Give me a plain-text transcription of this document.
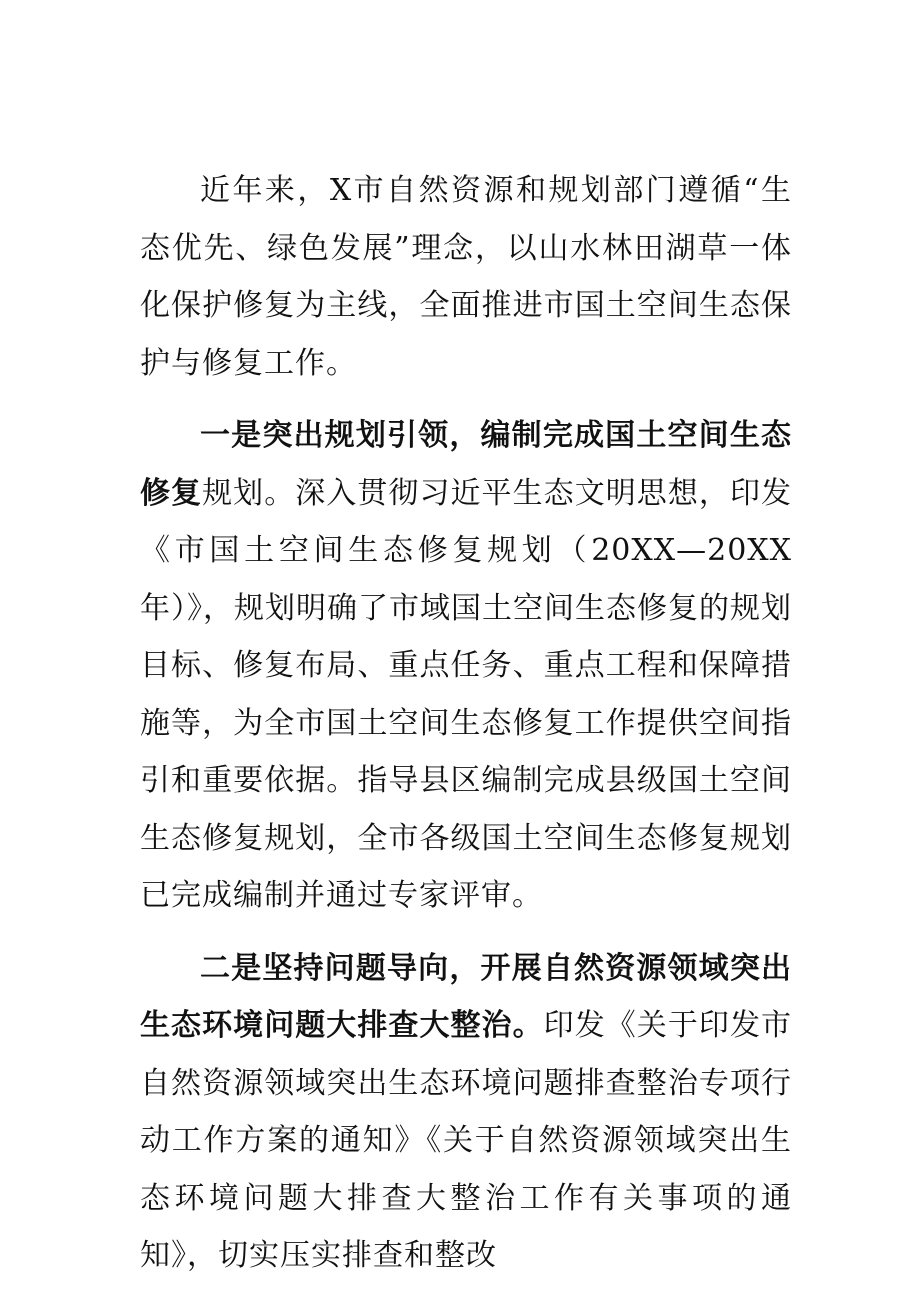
近年来，X市自然资源和规划部门遵循“生态优先、绿色发展”理念，以山水林田湖草一体化保护修复为主线，全面推进市国土空间生态保护与修复工作。

一是突出规划引领，编制完成国土空间生态修复规划。深入贯彻习近平生态文明思想，印发《市国土空间生态修复规划（20XX—20XX年）》，规划明确了市域国土空间生态修复的规划目标、修复布局、重点任务、重点工程和保障措施等，为全市国土空间生态修复工作提供空间指引和重要依据。指导县区编制完成县级国土空间生态修复规划，全市各级国土空间生态修复规划已完成编制并通过专家评审。

二是坚持问题导向，开展自然资源领域突出生态环境问题大排查大整治。印发《关于印发市自然资源领域突出生态环境问题排查整治专项行动工作方案的通知》《关于自然资源领域突出生态环境问题大排查大整治工作有关事项的通知》，切实压实排查和整改
